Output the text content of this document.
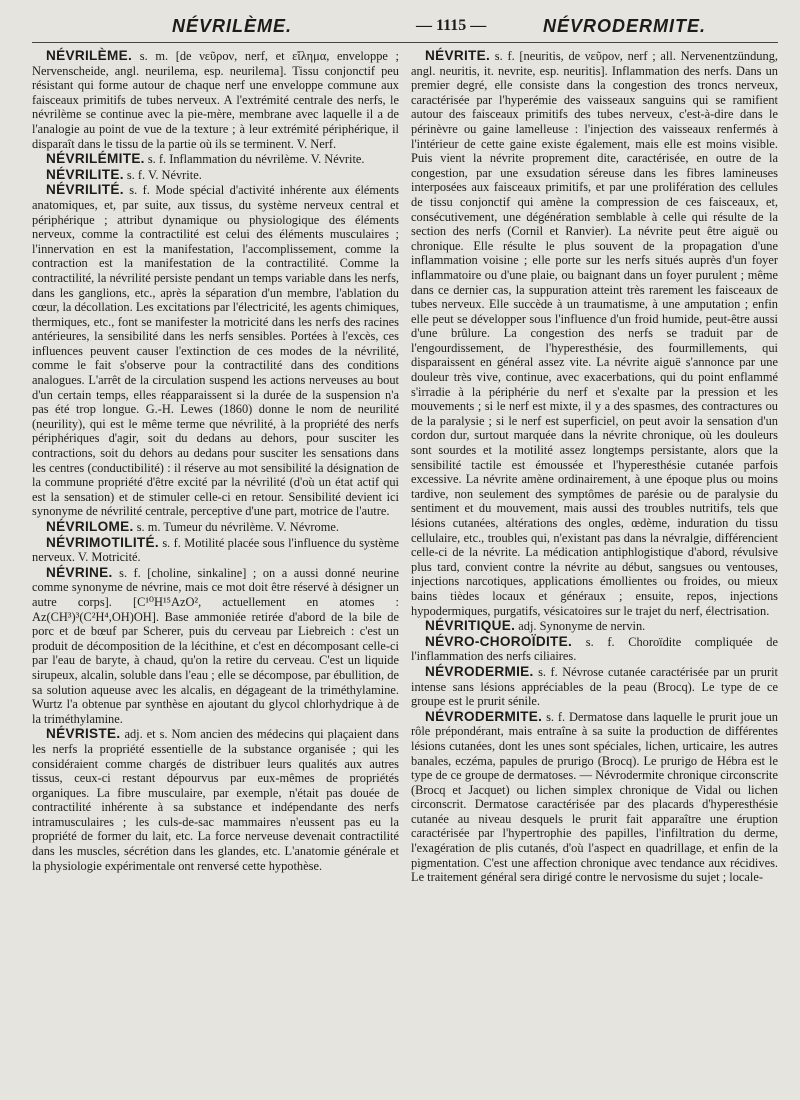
NÉVRILÈME.	— 1115 —	NÉVRODERMITE.

NÉVRILÈME. s. m. [de νεῦρον, nerf, et εἴλημα, enveloppe ; Nervenscheide, angl. neurilema, esp. neurilema]. Tissu conjonctif peu résistant qui forme autour de chaque nerf une enveloppe commune aux faisceaux primitifs de tubes nerveux. A l'extrémité centrale des nerfs, le névrilème se continue avec la pie-mère, membrane avec laquelle il a de l'analogie au point de vue de la texture ; à leur extrémité périphérique, il disparaît dans le tissu de la partie où ils se terminent. V. Nerf.

NÉVRILÉMITE. s. f. Inflammation du névrilème. V. Névrite.

NÉVRILITE. s. f. V. Névrite.

NÉVRILITÉ. s. f. Mode spécial d'activité inhérente aux éléments anatomiques, et, par suite, aux tissus, du système nerveux central et périphérique ; attribut dynamique ou physiologique des éléments nerveux, comme la contractilité est celui des éléments musculaires ; l'innervation en est la manifestation, l'accomplissement, comme la contraction est la manifestation de la contractilité. Comme la contractilité, la névrilité persiste pendant un temps variable dans les nerfs, dans les ganglions, etc., après la séparation d'un membre, l'ablation du cœur, la décollation. Les excitations par l'électricité, les agents chimiques, thermiques, etc., font se manifester la motricité dans les nerfs des racines antérieures, la sensibilité dans les nerfs sensibles. Portées à l'excès, ces influences peuvent causer l'extinction de ces modes de la névrilité, comme le fait s'observe pour la contractilité dans des conditions analogues. L'arrêt de la circulation suspend les actions nerveuses au bout d'un certain temps, elles réapparaissent si la durée de la suspension n'a pas été trop longue. G.-H. Lewes (1860) donne le nom de neurilité (neurility), qui est le même terme que névrilité, à la propriété des nerfs périphériques d'agir, soit du dedans au dehors, pour susciter les contractions, soit du dehors au dedans pour susciter les sensations dans les centres (conductibilité) : il réserve au mot sensibilité la désignation de la commune propriété d'être excité par la névrilité (d'où un état actif qui est la sensation) et de stimuler celle-ci en retour. Sensibilité devient ici synonyme de névrilité centrale, perceptive d'une part, motrice de l'autre.

NÉVRILOME. s. m. Tumeur du névrilème. V. Névrome.

NÉVRIMOTILITÉ. s. f. Motilité placée sous l'influence du système nerveux. V. Motricité.

NÉVRINE. s. f. [choline, sinkaline] ; on a aussi donné neurine comme synonyme de névrine, mais ce mot doit être réservé à désigner un autre corps]. [C¹⁰H¹⁵AzO², actuellement en atomes : Az(CH³)³(C²H⁴,OH)OH]. Base ammoniée retirée d'abord de la bile de porc et de bœuf par Scherer, puis du cerveau par Liebreich : c'est un produit de décomposition de la lécithine, et c'est en décomposant celle-ci par l'eau de baryte, à chaud, qu'on la retire du cerveau. C'est un liquide sirupeux, alcalin, soluble dans l'eau ; elle se décompose, par ébullition, de sa solution aqueuse avec les alcalis, en dégageant de la triméthylamine. Wurtz l'a obtenue par synthèse en ajoutant du glycol chlorhydrique à de la triméthylamine.

NÉVRISTE. adj. et s. Nom ancien des médecins qui plaçaient dans les nerfs la propriété essentielle de la substance organisée ; qui les considéraient comme chargés de distribuer leurs qualités aux autres tissus, ceux-ci restant dépourvus par eux-mêmes de propriétés organiques. La fibre musculaire, par exemple, n'était pas douée de contractilité inhérente à sa substance et indépendante des nerfs intramusculaires ; les culs-de-sac mammaires n'eussent pas eu la propriété de former du lait, etc. La force nerveuse devenait contractilité dans les muscles, sécrétion dans les glandes, etc. L'anatomie générale et la physiologie expérimentale ont renversé cette hypothèse.

NÉVRITE. s. f. [neuritis, de νεῦρον, nerf ; all. Nervenentzündung, angl. neuritis, it. nevrite, esp. neuritis]. Inflammation des nerfs. Dans un premier degré, elle consiste dans la congestion des troncs nerveux, caractérisée par l'hyperémie des vaisseaux sanguins qui se ramifient autour des faisceaux primitifs des tubes nerveux, c'est-à-dire dans le périnèvre ou gaine lamelleuse : l'injection des vaisseaux renfermés à l'intérieur de cette gaine existe également, mais elle est moins visible. Puis vient la névrite proprement dite, caractérisée, en outre de la congestion, par une exsudation séreuse dans les fibres lamineuses interposées aux faisceaux primitifs, et par une prolifération des cellules de tissu conjonctif qui amène la compression de ces faisceaux, et, consécutivement, une dégénération semblable à celle qui résulte de la section des nerfs (Cornil et Ranvier). La névrite peut être aiguë ou chronique. Elle résulte le plus souvent de la propagation d'une inflammation voisine ; elle porte sur les nerfs situés auprès d'un foyer inflammatoire ou d'une plaie, ou baignant dans un foyer purulent ; même dans ce dernier cas, la suppuration atteint très rarement les faisceaux de tubes nerveux. Elle succède à un traumatisme, à une amputation ; enfin elle peut se développer sous l'influence d'un froid humide, peut-être aussi d'une brûlure. La congestion des nerfs se traduit par de l'engourdissement, de l'hyperesthésie, des fourmillements, qui disparaissent en général assez vite. La névrite aiguë s'annonce par une douleur très vive, continue, avec exacerbations, qui du point enflammé s'irradie à la périphérie du nerf et s'exalte par la pression et les mouvements ; si le nerf est mixte, il y a des spasmes, des contractures ou de la paralysie ; si le nerf est superficiel, on peut avoir la sensation d'un cordon dur, surtout marquée dans la névrite chronique, où les douleurs sont sourdes et la motilité assez longtemps persistante, alors que la sensibilité tactile est émoussée et l'hyperesthésie cutanée parfois excessive. La névrite amène ordinairement, à une époque plus ou moins tardive, non seulement des symptômes de parésie ou de paralysie du sentiment et du mouvement, mais aussi des troubles nutritifs, tels que lésions cutanées, altérations des ongles, œdème, induration du tissu cellulaire, etc., troubles qui, n'existant pas dans la névralgie, différencient celle-ci de la névrite. La médication antiphlogistique d'abord, révulsive plus tard, convient contre la névrite au début, sangsues ou ventouses, injections narcotiques, applications émollientes ou froides, ou mieux bains tièdes locaux et généraux ; ensuite, repos, injections hypodermiques, purgatifs, vésicatoires sur le trajet du nerf, électrisation.

NÉVRITIQUE. adj. Synonyme de nervin.

NÉVRO-CHOROÏDITE. s. f. Choroïdite compliquée de l'inflammation des nerfs ciliaires.

NÉVRODERMIE. s. f. Névrose cutanée caractérisée par un prurit intense sans lésions appréciables de la peau (Brocq). Le type de ce groupe est le prurit sénile.

NÉVRODERMITE. s. f. Dermatose dans laquelle le prurit joue un rôle prépondérant, mais entraîne à sa suite la production de différentes lésions cutanées, dont les unes sont spéciales, lichen, urticaire, les autres banales, eczéma, papules de prurigo (Brocq). Le prurigo de Hébra est le type de ce groupe de dermatoses. — Névrodermite chronique circonscrite (Brocq et Jacquet) ou lichen simplex chronique de Vidal ou lichen circonscrit. Dermatose caractérisée par des placards d'hyperesthésie cutanée au niveau desquels le prurit fait apparaître une éruption caractérisée par l'hypertrophie des papilles, l'infiltration du derme, l'exagération de plis cutanés, d'où l'aspect en quadrillage, et enfin de la pigmentation. C'est une affection chronique avec tendance aux récidives. Le traitement général sera dirigé contre le nervosisme du sujet ; locale-
